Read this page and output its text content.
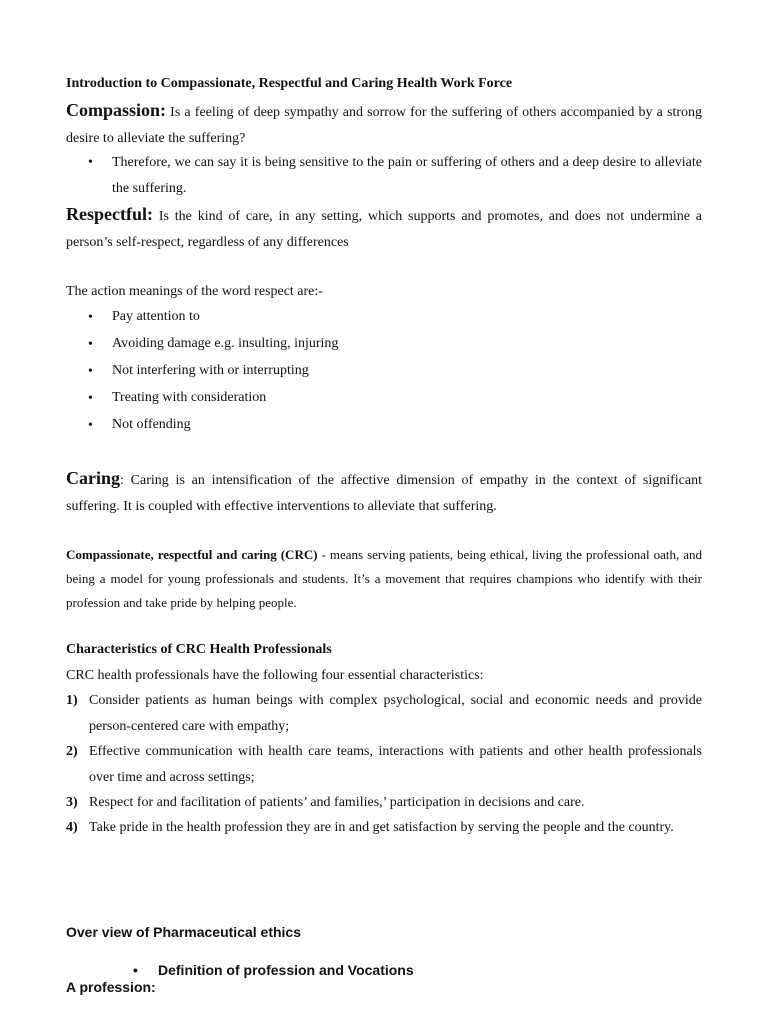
Introduction to Compassionate, Respectful and Caring Health Work Force
Compassion: Is a feeling of deep sympathy and sorrow for the suffering of others accompanied by a strong desire to alleviate the suffering?
• Therefore, we can say it is being sensitive to the pain or suffering of others and a deep desire to alleviate the suffering.
Respectful: Is the kind of care, in any setting, which supports and promotes, and does not undermine a person’s self-respect, regardless of any differences
The action meanings of the word respect are:-
• Pay attention to
• Avoiding damage e.g. insulting, injuring
• Not interfering with or interrupting
• Treating with consideration
• Not offending
Caring: Caring is an intensification of the affective dimension of empathy in the context of significant suffering. It is coupled with effective interventions to alleviate that suffering.
Compassionate, respectful and caring (CRC) - means serving patients, being ethical, living the professional oath, and being a model for young professionals and students. It’s a movement that requires champions who identify with their profession and take pride by helping people.
Characteristics of CRC Health Professionals
CRC health professionals have the following four essential characteristics:
1) Consider patients as human beings with complex psychological, social and economic needs and provide person-centered care with empathy;
2) Effective communication with health care teams, interactions with patients and other health professionals over time and across settings;
3) Respect for and facilitation of patients’ and families,’ participation in decisions and care.
4) Take pride in the health profession they are in and get satisfaction by serving the people and the country.
Over view of Pharmaceutical ethics
• Definition of profession and Vocations
A profession:
